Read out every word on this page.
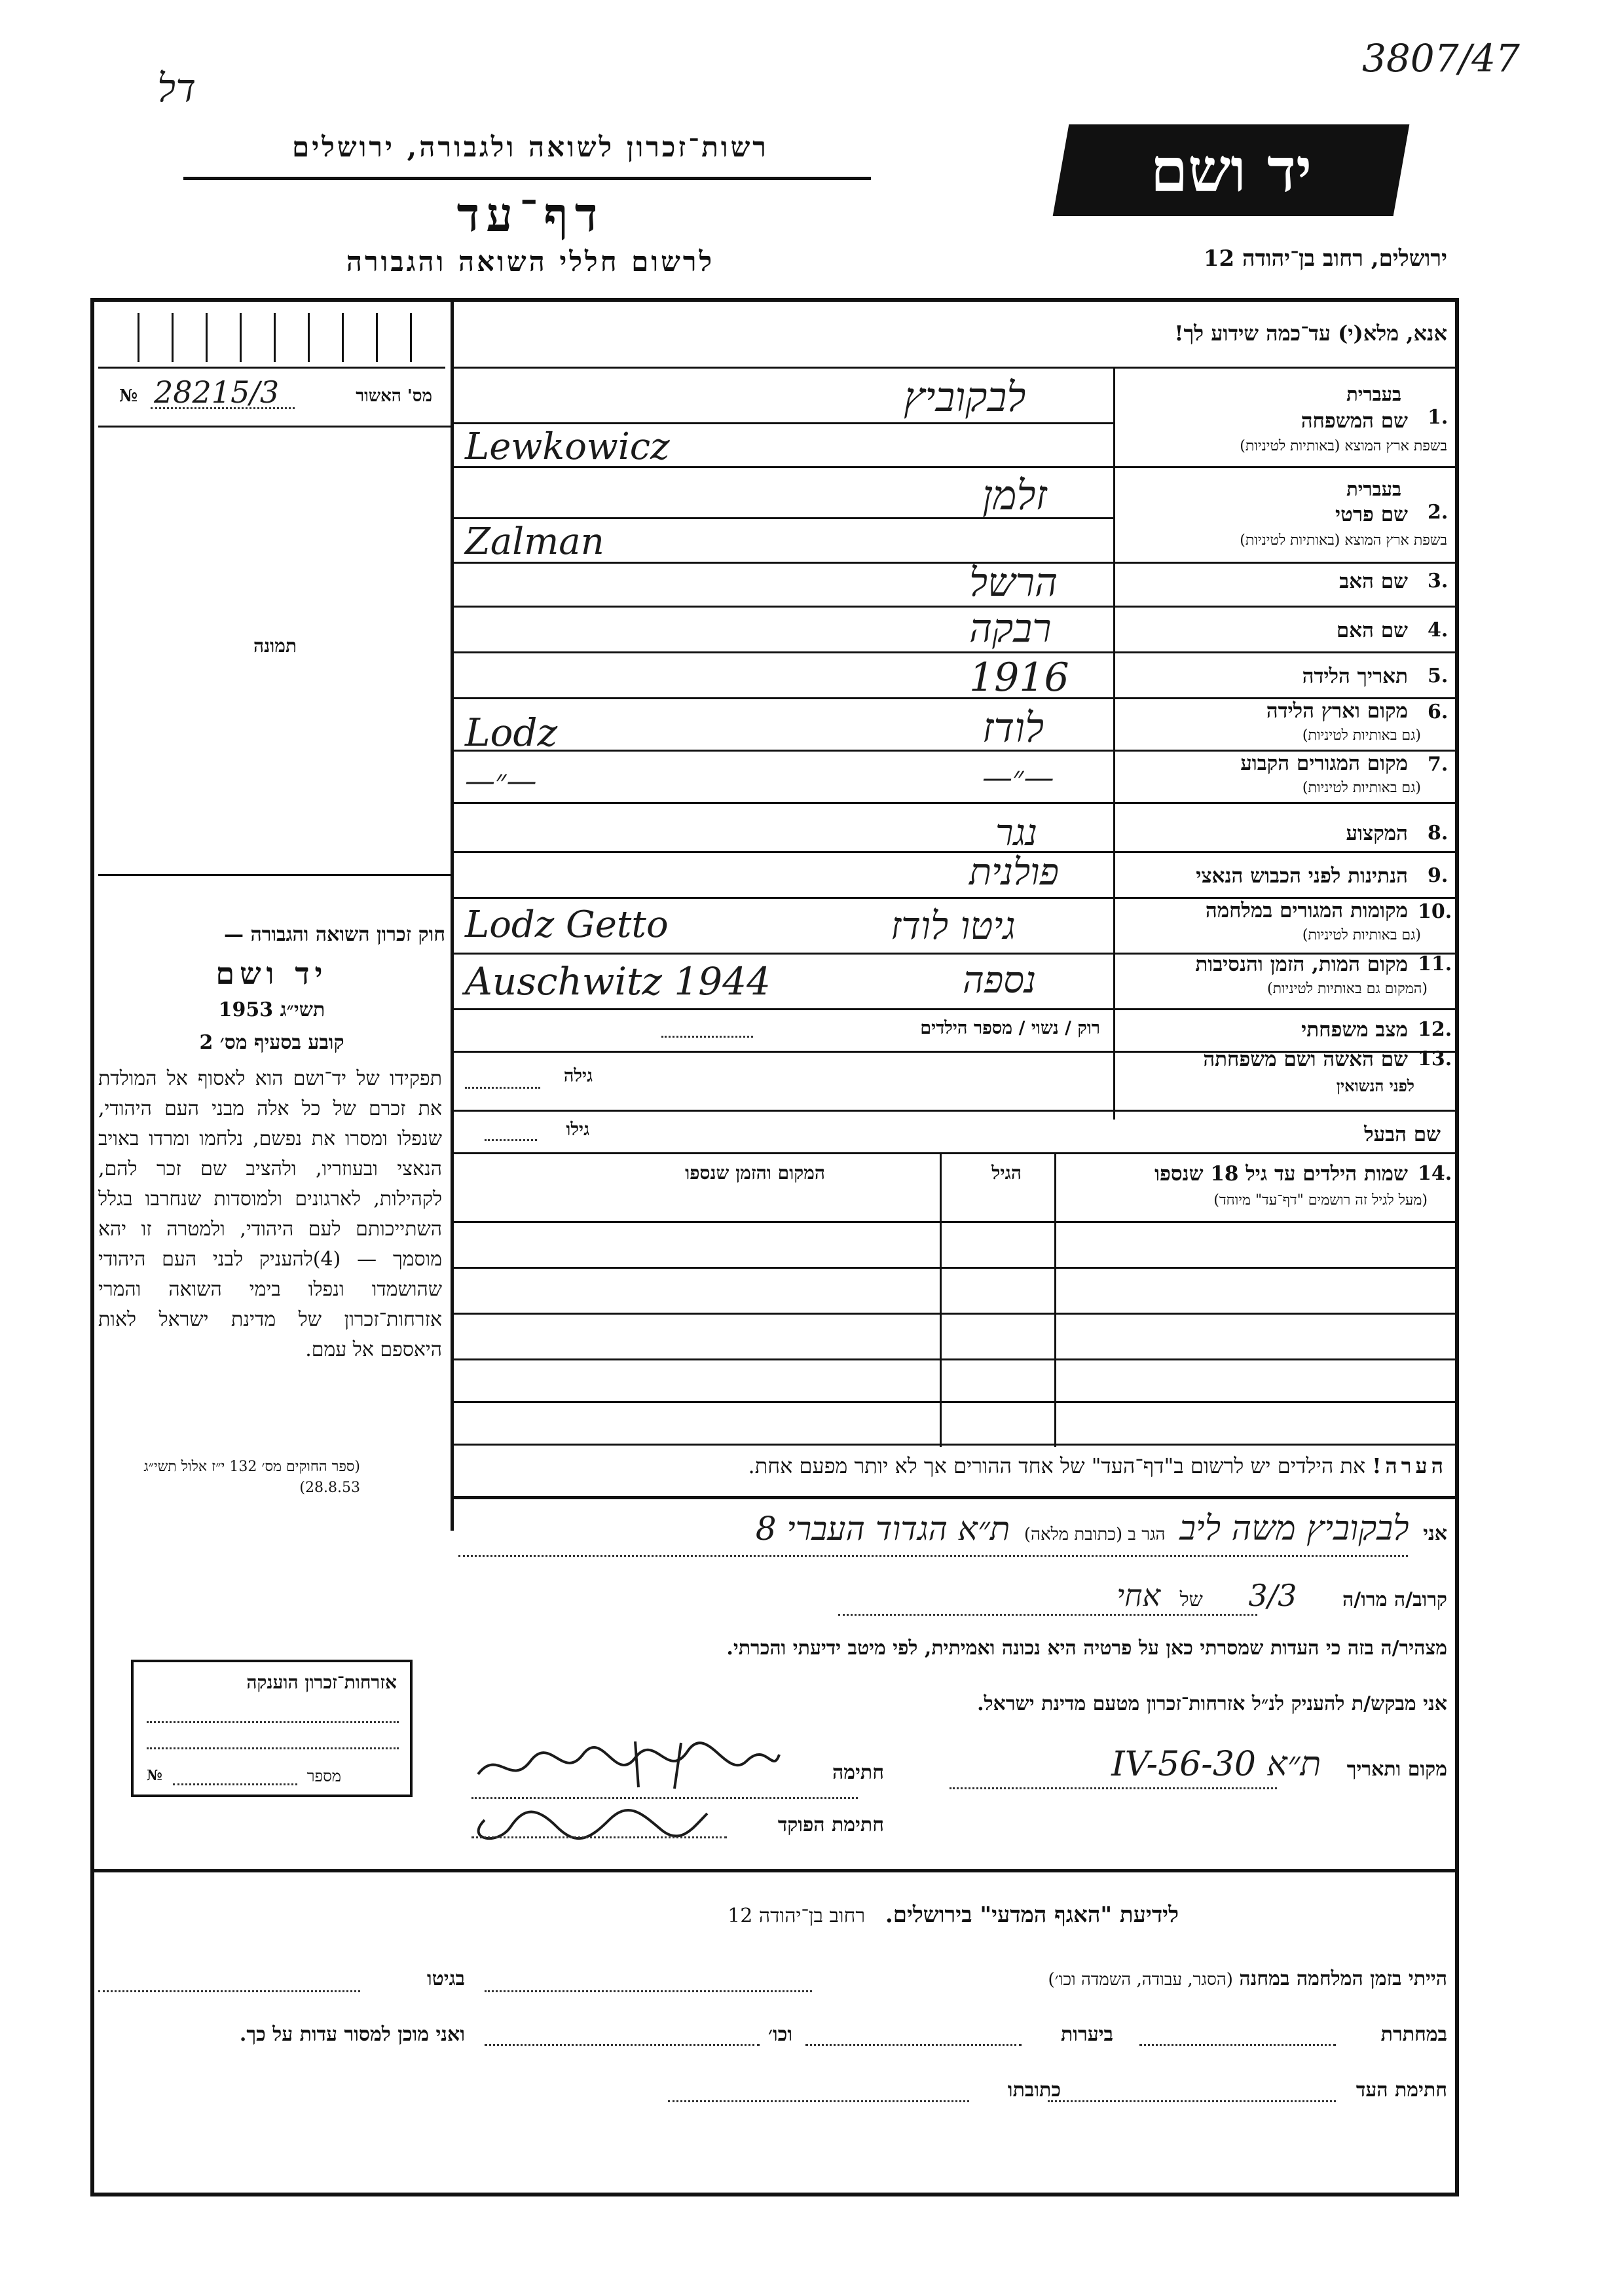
דל
3807/47
רשות־זכרון לשואה ולגבורה, ירושלים
דף־עד
לרשום חללי השואה והגבורה
יד ושם
ירושלים, רחוב בן־יהודה 12
אנא, מלא(י) עד־כמה שידוע לך!
№ 28215/3	מס' האשור
תמונה
1.
בעברית
שם המשפחה
בשפת ארץ המוצא (באותיות לטיניות)
לבקוביץ
Lewkowicz
2.
בעברית
שם פרטי
בשפת ארץ המוצא (באותיות לטיניות)
זלמן
Zalman
3.
שם האב
הרשל
4.
שם האם
רבקה
5.
תאריך הלידה
1916
6.
מקום וארץ הלידה
(גם באותיות לטיניות)
לודז
Lodz
7.
מקום המגורים הקבוע
(גם באותיות לטיניות)
—״—
—״—
8.
המקצוע
נגר
9.
הנתינות לפני הכבוש הנאצי
פולנית
10.
מקומות המגורים במלחמה
(גם באותיות לטיניות)
גיטו לודז
Lodz Getto
11.
מקום המות, הזמן והנסיבות
(המקום גם באותיות לטיניות)
נספה
Auschwitz 1944
12.
מצב משפחתי
רוק / נשוי / מספר הילדים
13.
שם האשה ושם משפחתה
לפני הנשואין
גילה
שם הבעל
גילו
14.
שמות הילדים עד גיל 18 שנספו
(מעל לגיל זה רושמים "דף־עד" מיוחד)
הגיל
המקום והזמן שנספו
הערה! את הילדים יש לרשום ב"דף־העד" של אחד ההורים אך לא יותר מפעם אחת.
חוק זכרון השואה והגבורה —
יד ושם
תשי״ג 1953
קובע בסעיף מס׳ 2
תפקידו של יד־ושם הוא לאסוף אל המולדת את זכרם של כל אלה מבני העם היהודי, שנפלו ומסרו את נפשם, נלחמו ומרדו באויב הנאצי ובעוזריו, ולהציב שם זכר להם, לקהילות, לארגונים ולמוסדות שנחרבו בגלל השתייכותם לעם היהודי, ולמטרה זו יהא מוסמך — (4)להעניק לבני העם היהודי שהושמדו ונפלו בימי השואה והמרי אזרחות־זכרון של מדינת ישראל לאות היאספם אל עמם.
(ספר החוקים מס׳ 132 י״ז אלול תשי״ג 28.8.53)
אני לבקוביץ משה ליב הגר ב (כתובת מלאה) ת״א הגדוד העברי 8
קרוב/ה מרו/ה 3/3 של אחי
מצהיר/ה בזה כי העדות שמסרתי כאן על פרטיה היא נכונה ואמיתית, לפי מיטב ידיעתי והכרתי.
אני מבקש/ת להעניק לנ״ל אזרחות־זכרון מטעם מדינת ישראל.
מקום ותאריך ת״א 30-IV-56
חתימה
חתימת הפוקד
אזרחות־זכרון הוענקה
№	מספר
לידיעת "האגף המדעי" בירושלים. רחוב בן־יהודה 12
הייתי בזמן המלחמה במחנה (הסגר, עבודה, השמדה וכו׳)
בגיטו
במחתרת
ביערות
וכו׳
ואני מוכן למסור עדות על כך.
חתימת העד
כתובתו
